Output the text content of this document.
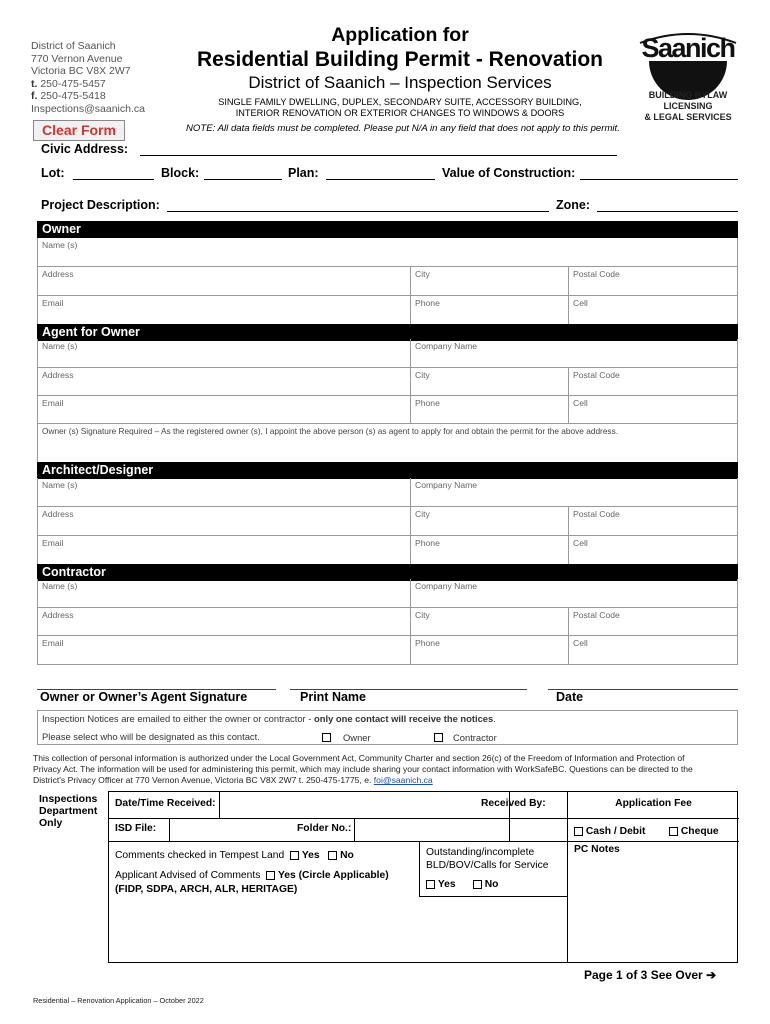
District of Saanich
770 Vernon Avenue
Victoria BC V8X 2W7
t. 250-475-5457
f. 250-475-5418
Inspections@saanich.ca
Application for
Residential Building Permit - Renovation
District of Saanich – Inspection Services
SINGLE FAMILY DWELLING, DUPLEX, SECONDARY SUITE, ACCESSORY BUILDING,
INTERIOR RENOVATION OR EXTERIOR CHANGES TO WINDOWS & DOORS
NOTE: All data fields must be completed. Please put N/A in any field that does not apply to this permit.
Clear Form
Saanich
BUILDING BYLAW LICENSING
& LEGAL SERVICES
Civic Address:
Lot:	Block:	Plan:	Value of Construction:
Project Description:	Zone:
Owner
Name (s)
Address	City	Postal Code
Email	Phone	Cell
Agent for Owner
Name (s)	Company Name
Address	City	Postal Code
Email	Phone	Cell
Owner (s) Signature Required – As the registered owner (s), I appoint the above person (s) as agent to apply for and obtain the permit for the above address.
Architect/Designer
Name (s)	Company Name
Address	City	Postal Code
Email	Phone	Cell
Contractor
Name (s)	Company Name
Address	City	Postal Code
Email	Phone	Cell
Owner or Owner’s Agent Signature	Print Name	Date
Inspection Notices are emailed to either the owner or contractor - only one contact will receive the notices.
Please select who will be designated as this contact.	Owner	Contractor
This collection of personal information is authorized under the Local Government Act, Community Charter and section 26(c) of the Freedom of Information and Protection of
Privacy Act. The information will be used for administering this permit, which may include sharing your contact information with WorkSafeBC. Questions can be directed to the
District's Privacy Officer at 770 Vernon Avenue, Victoria BC V8X 2W7 t. 250-475-1775, e. foi@saanich.ca
Inspections
Department
Only
Date/Time Received:	Received By:	Application Fee
ISD File:	Folder No.:	Cash / Debit	Cheque
Comments checked in Tempest Land Yes No
Applicant Advised of Comments Yes (Circle Applicable)
(FIDP, SDPA, ARCH, ALR, HERITAGE)
Outstanding/incomplete
BLD/BOV/Calls for Service
Yes	No
PC Notes
Page 1 of 3 See Over ➔
Residential – Renovation Application – October 2022
